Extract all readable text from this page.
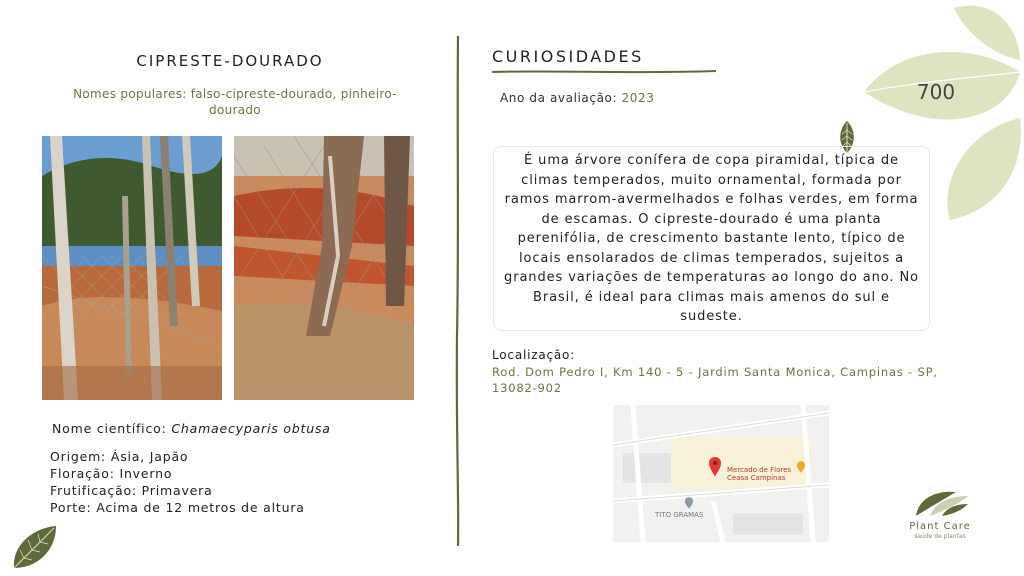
CIPRESTE-DOURADO
Nomes populares: falso-cipreste-dourado, pinheiro-dourado
Nome científico: Chamaecyparis obtusa
Origem: Ásia, Japão
Floração: Inverno
Frutificação: Primavera
Porte: Acima de 12 metros de altura
CURIOSIDADES
Ano da avaliação: 2023	700
É uma árvore conífera de copa piramidal, típica de climas temperados, muito ornamental, formada por ramos marrom-avermelhados e folhas verdes, em forma de escamas. O cipreste-dourado é uma planta perenifólia, de crescimento bastante lento, típico de locais ensolarados de climas temperados, sujeitos a grandes variações de temperaturas ao longo do ano. No Brasil, é ideal para climas mais amenos do sul e sudeste.
Localização:
Rod. Dom Pedro I, Km 140 - 5 - Jardim Santa Monica, Campinas - SP, 13082-902
Mercado de Flores
Ceasa Campinas
TITO GRAMAS
Plant Care
saúde de plantas
